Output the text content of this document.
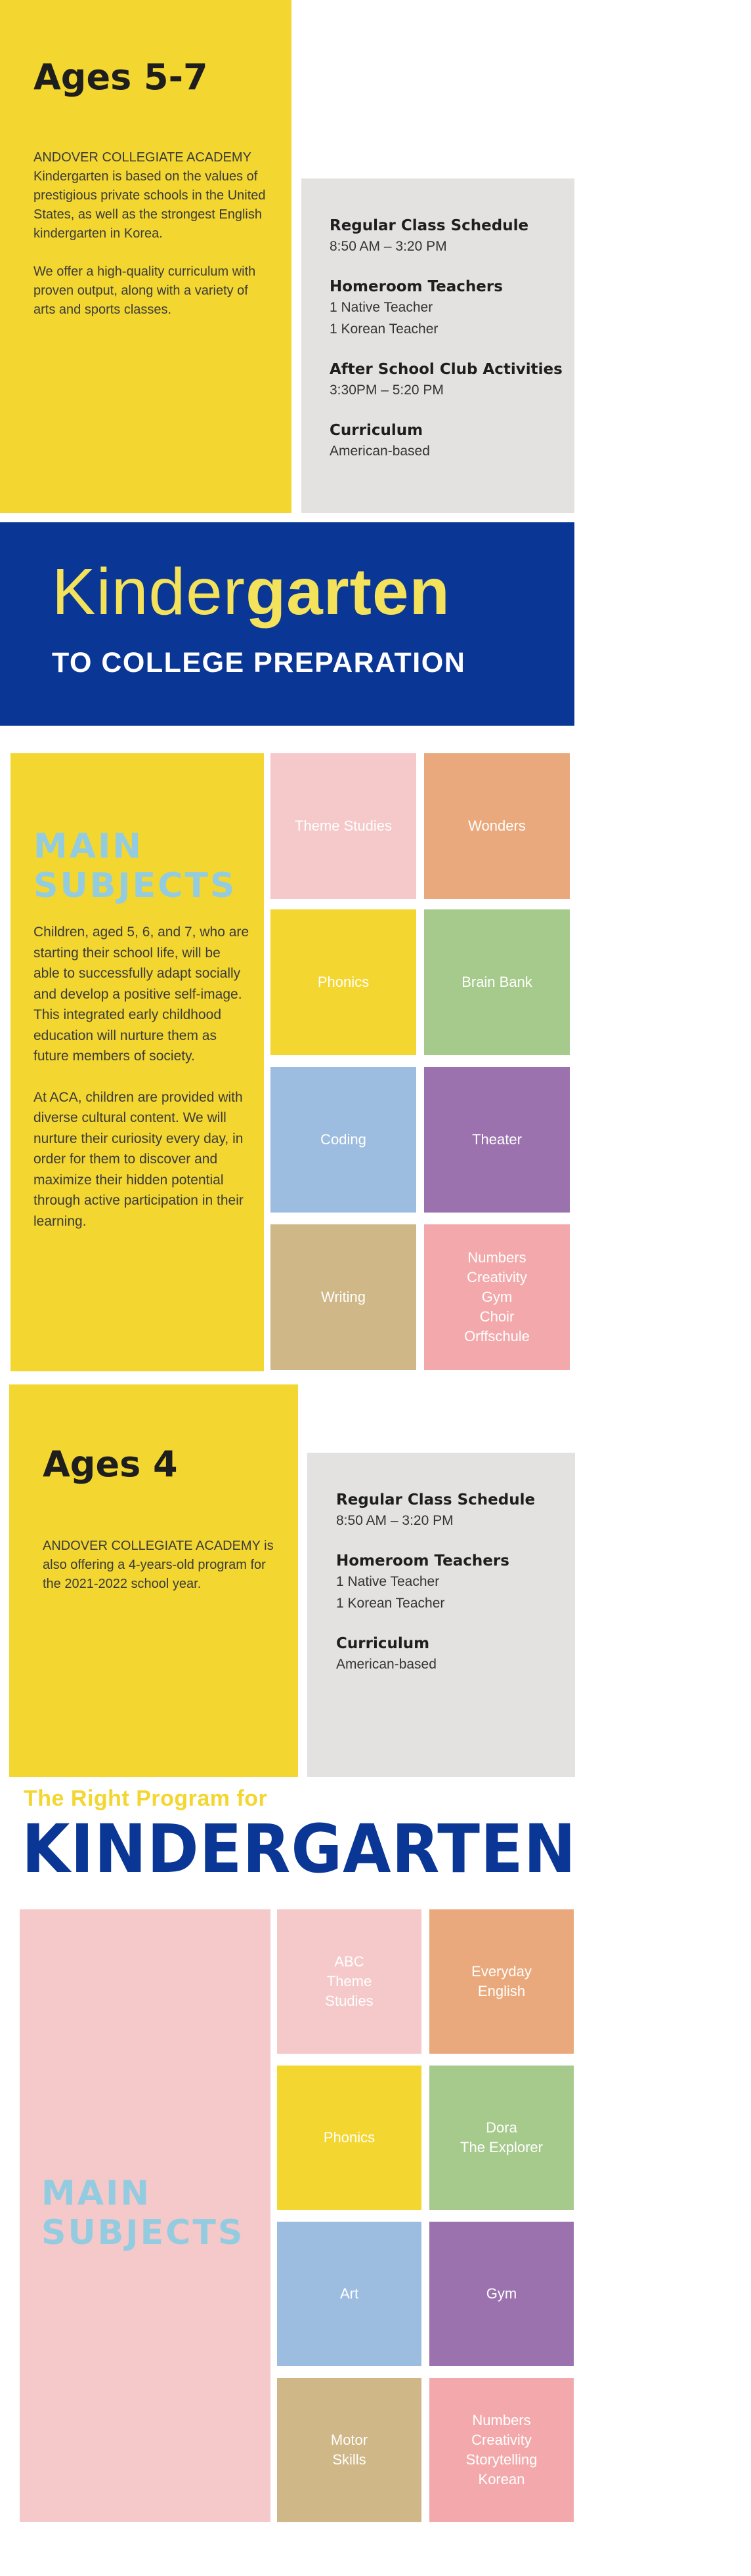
Ages 5-7

ANDOVER COLLEGIATE ACADEMY Kindergarten is based on the values of prestigious private schools in the United States, as well as the strongest English kindergarten in Korea.

We offer a high-quality curriculum with proven output, along with a variety of arts and sports classes.

Regular Class Schedule
8:50 AM – 3:20 PM
Homeroom Teachers
1 Native Teacher
1 Korean Teacher
After School Club Activities
3:30PM – 5:20 PM
Curriculum
American-based
Kindergarten
TO COLLEGE PREPARATION
MAIN
SUBJECTS

Children, aged 5, 6, and 7, who are starting their school life, will be able to successfully adapt socially and develop a positive self-image. This integrated early childhood education will nurture them as future members of society.

At ACA, children are provided with diverse cultural content. We will nurture their curiosity every day, in order for them to discover and maximize their hidden potential through active participation in their learning.

Theme Studies	Wonders
Phonics	Brain Bank
Coding	Theater
Writing
Numbers
Creativity
Gym
Choir
Orffschule
Ages 4

ANDOVER COLLEGIATE ACADEMY is also offering a 4-years-old program for the 2021-2022 school year.

Regular Class Schedule
8:50 AM – 3:20 PM
Homeroom Teachers
1 Native Teacher
1 Korean Teacher
Curriculum
American-based
The Right Program for
KINDERGARTEN
MAIN
SUBJECTS
ABC
Theme
Studies
Everyday
English
Phonics
Dora
The Explorer
Art	Gym
Motor
Skills
Numbers
Creativity
Storytelling
Korean
